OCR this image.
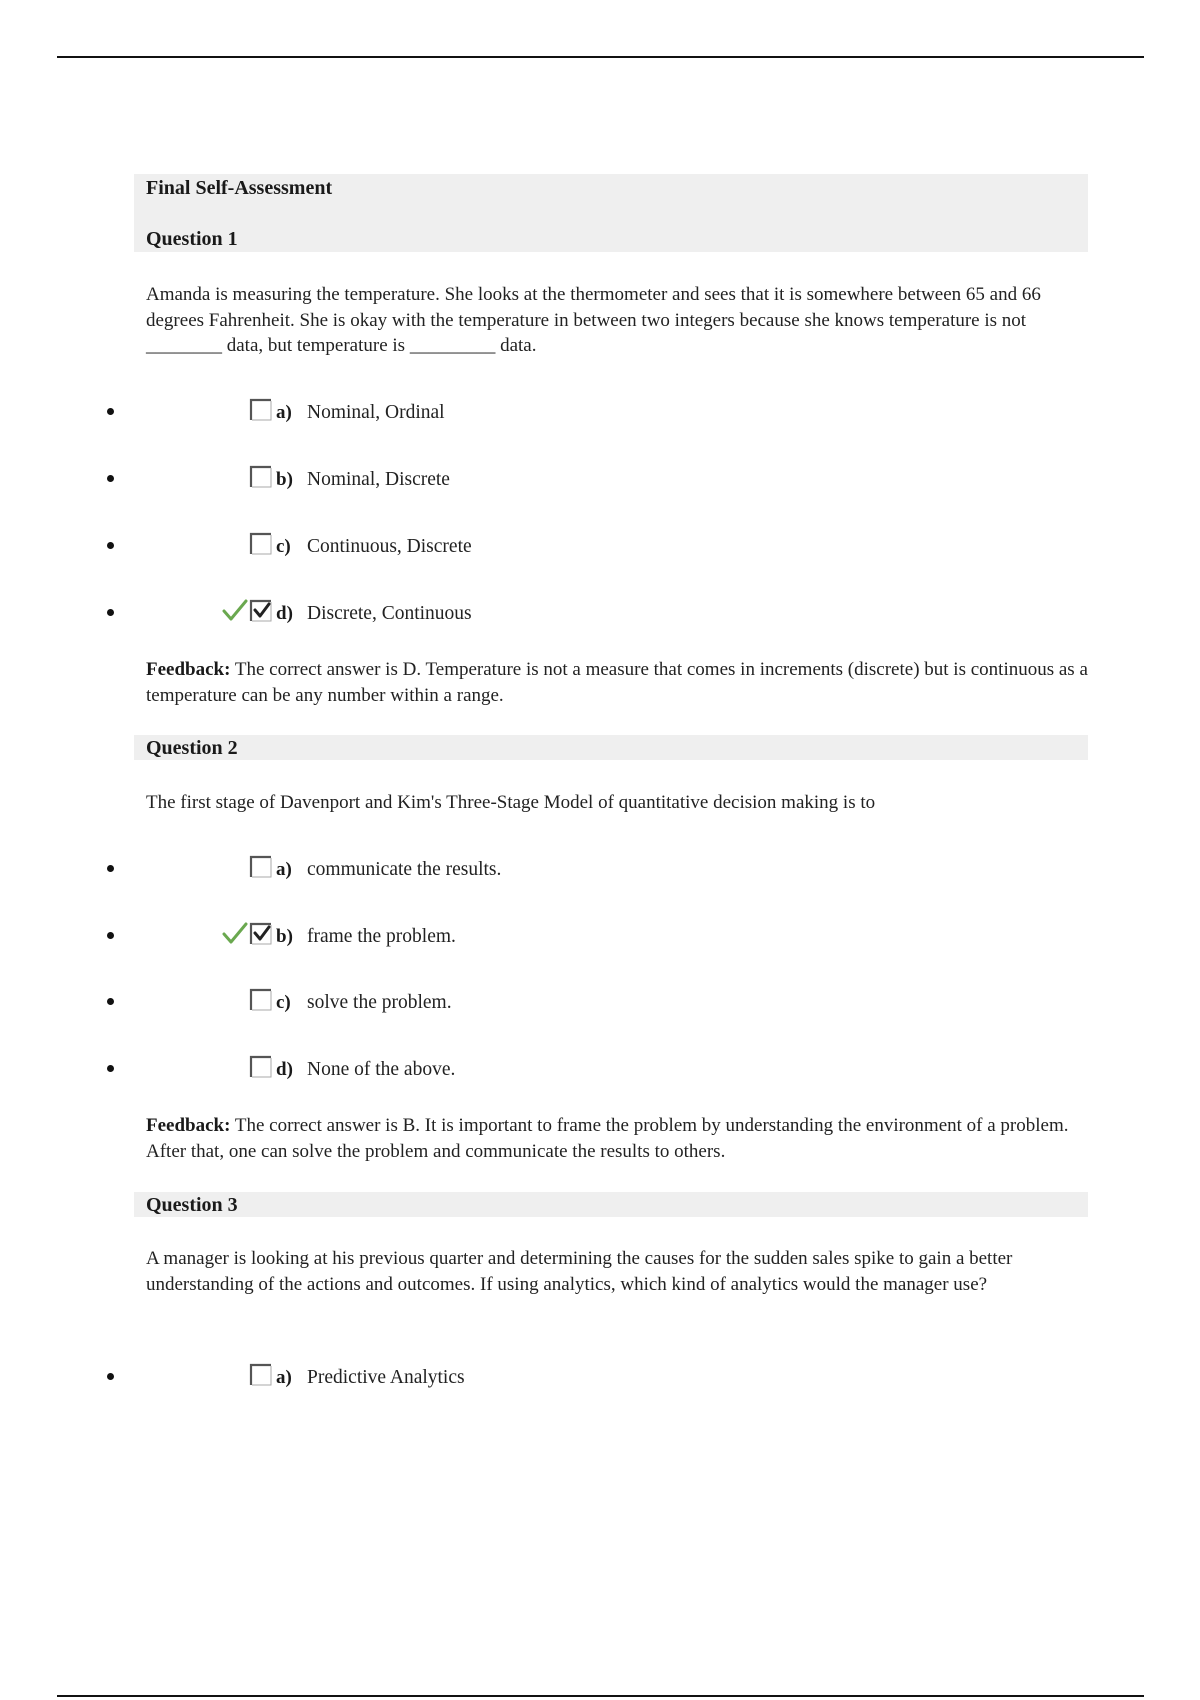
Final Self-Assessment
Question 1
Amanda is measuring the temperature. She looks at the thermometer and sees that it is somewhere between 65 and 66 degrees Fahrenheit. She is okay with the temperature in between two integers because she knows temperature is not ________ data, but temperature is _________ data.
a) Nominal, Ordinal
b) Nominal, Discrete
c) Continuous, Discrete
d) Discrete, Continuous
Feedback: The correct answer is D. Temperature is not a measure that comes in increments (discrete) but is continuous as a temperature can be any number within a range.
Question 2
The first stage of Davenport and Kim's Three-Stage Model of quantitative decision making is to
a) communicate the results.
b) frame the problem.
c) solve the problem.
d) None of the above.
Feedback: The correct answer is B. It is important to frame the problem by understanding the environment of a problem. After that, one can solve the problem and communicate the results to others.
Question 3
A manager is looking at his previous quarter and determining the causes for the sudden sales spike to gain a better understanding of the actions and outcomes. If using analytics, which kind of analytics would the manager use?
a) Predictive Analytics
